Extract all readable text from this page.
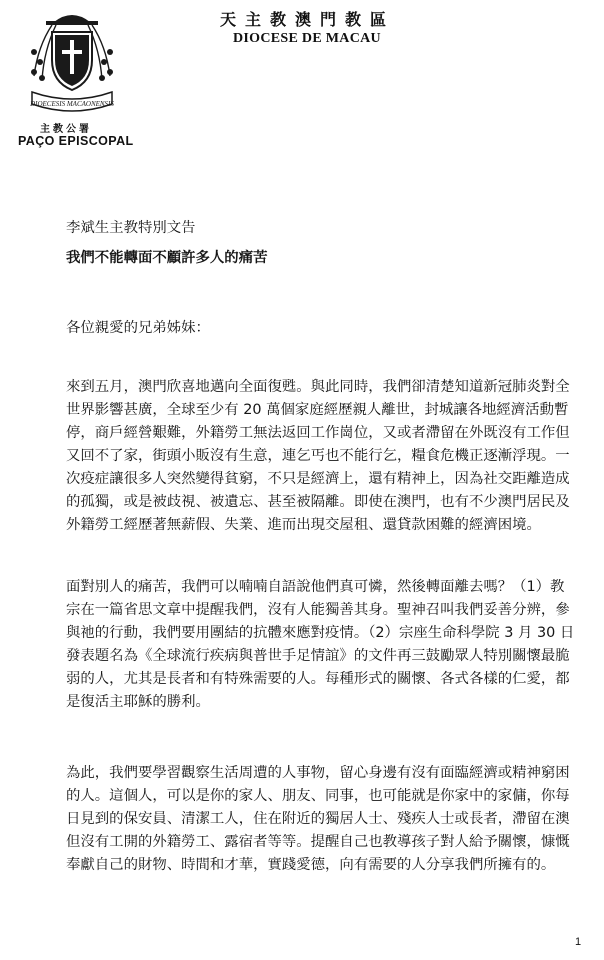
DIOECESIS MACAONENSIS
主教公署
PAÇO EPISCOPAL
天主教澳門教區
DIOCESE DE MACAU
李斌生主教特別文告
我們不能轉面不顧許多人的痛苦
各位親愛的兄弟姊妹：
來到五月，澳門欣喜地邁向全面復甦。與此同時，我們卻清楚知道新冠肺炎對全
世界影響甚廣，全球至少有 20 萬個家庭經歷親人離世，封城讓各地經濟活動暫
停，商戶經營艱難，外籍勞工無法返回工作崗位，又或者滯留在外既沒有工作但
又回不了家，街頭小販沒有生意，連乞丐也不能行乞，糧食危機正逐漸浮現。一
次疫症讓很多人突然變得貧窮，不只是經濟上，還有精神上，因為社交距離造成
的孤獨，或是被歧視、被遺忘、甚至被隔離。即使在澳門，也有不少澳門居民及
外籍勞工經歷著無薪假、失業、進而出現交屋租、還貸款困難的經濟困境。
面對別人的痛苦，我們可以喃喃自語說他們真可憐，然後轉面離去嗎？（1）教
宗在一篇省思文章中提醒我們，沒有人能獨善其身。聖神召叫我們妥善分辨，參
與祂的行動，我們要用團結的抗體來應對疫情。（2）宗座生命科學院 3 月 30 日
發表題名為《全球流行疾病與普世手足情誼》的文件再三鼓勵眾人特別關懷最脆
弱的人，尤其是長者和有特殊需要的人。每種形式的關懷、各式各樣的仁愛，都
是復活主耶穌的勝利。
為此，我們要學習觀察生活周遭的人事物，留心身邊有沒有面臨經濟或精神窮困
的人。這個人，可以是你的家人、朋友、同事，也可能就是你家中的家傭，你每
日見到的保安員、清潔工人，住在附近的獨居人士、殘疾人士或長者，滯留在澳
但沒有工開的外籍勞工、露宿者等等。提醒自己也教導孩子對人給予關懷，慷慨
奉獻自己的財物、時間和才華，實踐愛德，向有需要的人分享我們所擁有的。
1
